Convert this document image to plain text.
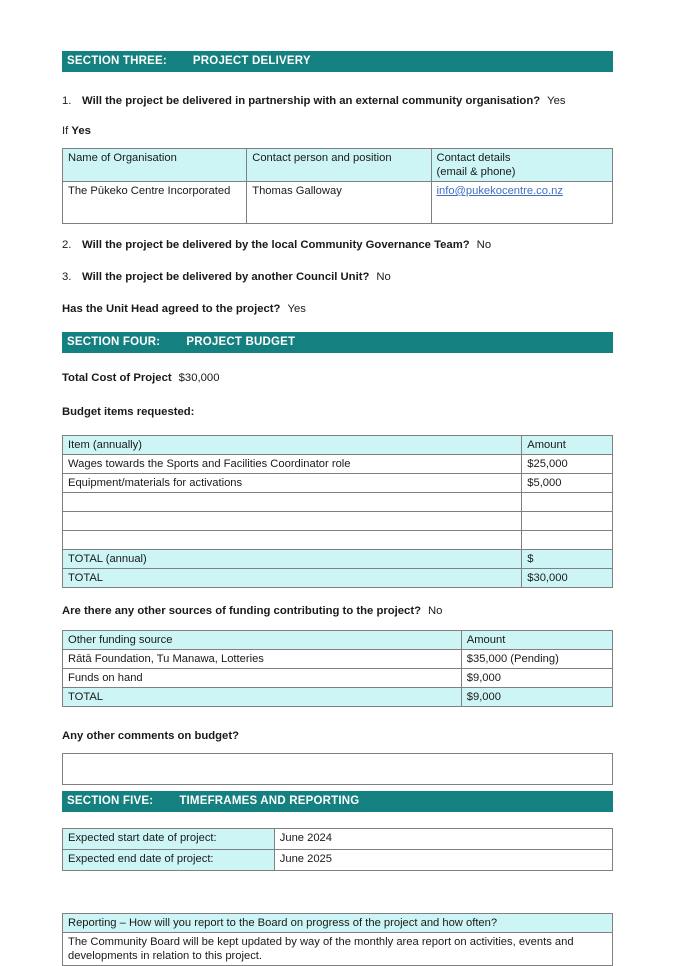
SECTION THREE: PROJECT DELIVERY
1. Will the project be delivered in partnership with an external community organisation? Yes
If Yes
Name of Organisation	Contact person and position	Contact details
(email & phone)

The Pūkeko Centre Incorporated	Thomas Galloway	info@pukekocentre.co.nz
2. Will the project be delivered by the local Community Governance Team? No
3. Will the project be delivered by another Council Unit? No
Has the Unit Head agreed to the project? Yes
SECTION FOUR: PROJECT BUDGET
Total Cost of Project $30,000
Budget items requested:
Item (annually)	Amount
Wages towards the Sports and Facilities Coordinator role	$25,000
Equipment/materials for activations	$5,000

TOTAL (annual)	$
TOTAL	$30,000
Are there any other sources of funding contributing to the project? No
Other funding source	Amount
Rātā Foundation, Tu Manawa, Lotteries	$35,000 (Pending)
Funds on hand	$9,000
TOTAL	$9,000
Any other comments on budget?
SECTION FIVE: TIMEFRAMES AND REPORTING
Expected start date of project:	June 2024
Expected end date of project:	June 2025
Reporting – How will you report to the Board on progress of the project and how often?
The Community Board will be kept updated by way of the monthly area report on activities, events and developments in relation to this project.
